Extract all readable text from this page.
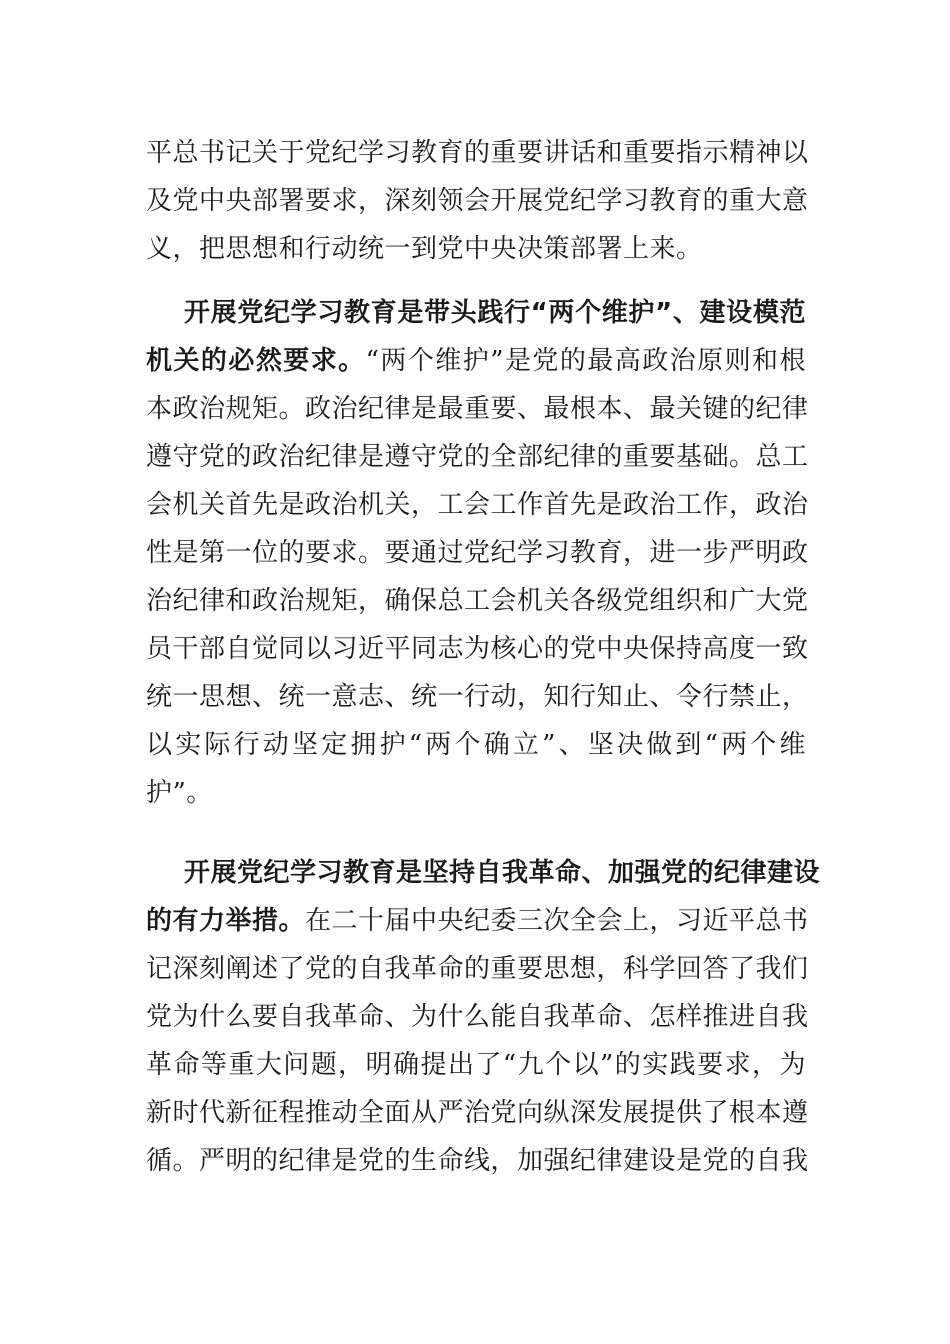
平总书记关于党纪学习教育的重要讲话和重要指示精神以
及党中央部署要求，深刻领会开展党纪学习教育的重大意
义，把思想和行动统一到党中央决策部署上来。
开展党纪学习教育是带头践行“两个维护”、建设模范
机关的必然要求。“两个维护”是党的最高政治原则和根
本政治规矩。政治纪律是最重要、最根本、最关键的纪律
遵守党的政治纪律是遵守党的全部纪律的重要基础。总工
会机关首先是政治机关，工会工作首先是政治工作，政治
性是第一位的要求。要通过党纪学习教育，进一步严明政
治纪律和政治规矩，确保总工会机关各级党组织和广大党
员干部自觉同以习近平同志为核心的党中央保持高度一致
统一思想、统一意志、统一行动，知行知止、令行禁止，
以实际行动坚定拥护“两个确立”、坚决做到“两个维
护”。
开展党纪学习教育是坚持自我革命、加强党的纪律建设
的有力举措。在二十届中央纪委三次全会上，习近平总书
记深刻阐述了党的自我革命的重要思想，科学回答了我们
党为什么要自我革命、为什么能自我革命、怎样推进自我
革命等重大问题，明确提出了“九个以”的实践要求，为
新时代新征程推动全面从严治党向纵深发展提供了根本遵
循。严明的纪律是党的生命线，加强纪律建设是党的自我
